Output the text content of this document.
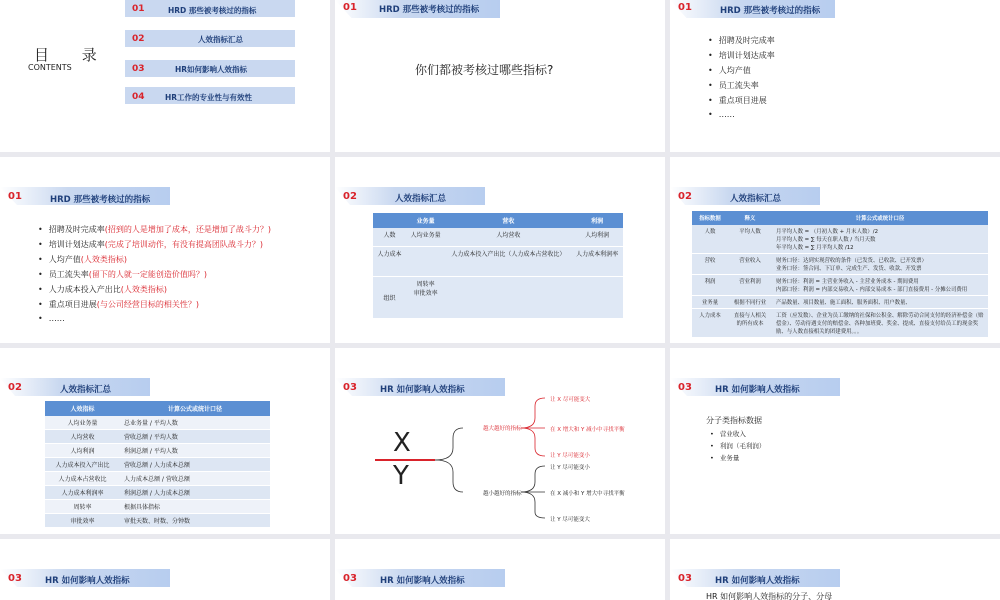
目 录
CONTENTS
01	HRD 那些被考核过的指标
02	人效指标汇总
03	HR如何影响人效指标
04	HR工作的专业性与有效性
01	HRD 那些被考核过的指标
你们都被考核过哪些指标?
01	HRD 那些被考核过的指标
• 招聘及时完成率
• 培训计划达成率
• 人均产值
• 员工流失率
• 重点项目进展
• ……
01	HRD 那些被考核过的指标
• 招聘及时完成率(招到的人是增加了成本，还是增加了战斗力？)
• 培训计划达成率(完成了培训动作，有没有提高团队战斗力？)
• 人均产值(人效类指标)
• 员工流失率(留下的人就一定能创造价值吗？)
• 人力成本投入产出比(人效类指标)
• 重点项目进展(与公司经营目标的相关性？)
• ……
02	人效指标汇总
	业务量	营收	利润
人数	人均业务量	人均营收	人均利润
人力成本		人力成本投入产出比（人力成本占营收比）	人力成本利润率
组织	周转率
审批效率		
02	人效指标汇总
指标数据	释义	计算公式或统计口径
人数	平均人数	月平均人数 = （月初人数 + 月末人数）/2
月平均人数 = ∑ 每天在职人数 / 当月天数
年平均人数 = ∑ 月平均人数 /12
营收	营业收入	财务口径：达到实现营收的条件（已发货、已收款、已开发票）
业务口径：签合同、下订单、完成生产、发货、收款、开发票
利润	营业利润	财务口径：利润 = 主营业务收入 - 主营业务成本 - 期间费用
内部口径：利润 = 内部交易收入 - 内部交易成本 - 部门直接费用 - 分摊公司费用
业务量	根据不同行业	产品数量、项目数量、施工面积、服务面积、用户数量、
人力成本	直接与人相关的所有成本	工资（应发数）、企业为员工缴纳的社保和公积金、解除劳动合同支付的经济补偿金（赔偿金）、劳动待遇支付的赔偿金、各种加班费、奖金、提成、直接支付给员工的现金奖励、与人数直接相关的团建费用。。。
02	人效指标汇总
人效指标	计算公式或统计口径
人均业务量	总业务量 / 平均人数
人均营收	营收总额 / 平均人数
人均利润	利润总额 / 平均人数
人力成本投入产出比	营收总额 / 人力成本总额
人力成本占营收比	人力成本总额 / 营收总额
人力成本利润率	利润总额 / 人力成本总额
周转率	根据具体指标
审批效率	审批天数、时数、分钟数
03	HR 如何影响人效指标
X
Y
越大越好的指标
越小越好的指标
让 X 尽可能变大
在 X 增大和 Y 减小中寻找平衡
让 Y 尽可能变小
让 Y 尽可能变小
在 X 减小和 Y 增大中寻找平衡
让 Y 尽可能变大
03	HR 如何影响人效指标
分子类指标数据
• 营业收入
• 利润（毛利润）
• 业务量
03	HR 如何影响人效指标	03	HR 如何影响人效指标	03	HR 如何影响人效指标
HR 如何影响人效指标的分子、分母
